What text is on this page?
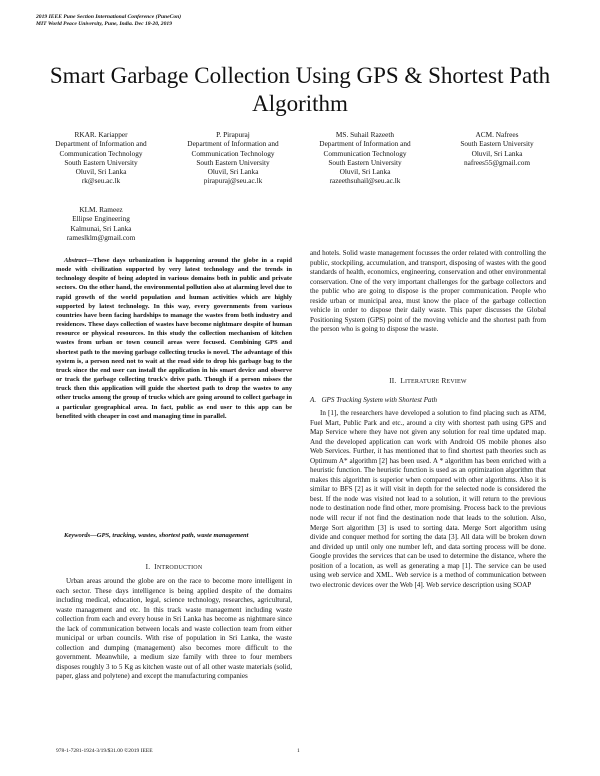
2019 IEEE Pune Section International Conference (PuneCon)
MIT World Peace University, Pune, India. Dec 18-20, 2019
Smart Garbage Collection Using GPS & Shortest Path Algorithm
RKAR. Kariapper
Department of Information and
Communication Technology
South Eastern University
Oluvil, Sri Lanka
rk@seu.ac.lk
P. Pirapuraj
Department of Information and
Communication Technology
South Eastern University
Oluvil, Sri Lanka
pirapuraj@seu.ac.lk
MS. Suhail Razeeth
Department of Information and
Communication Technology
South Eastern University
Oluvil, Sri Lanka
razeethsuhail@seu.ac.lk
ACM. Nafrees
South Eastern University
Oluvil, Sri Lanka
nafrees55@gmail.com
KLM. Rameez
Ellipse Engineering
Kalmunai, Sri Lanka
rameslklm@gmail.com
Abstract—These days urbanization is happening around the globe in a rapid mode with civilization supported by very latest technology and the trends in technology despite of being adopted in various domains both in public and private sectors. On the other hand, the environmental pollution also at alarming level due to rapid growth of the world population and human activities which are highly supported by latest technology. In this way, every governments from various countries have been facing hardships to manage the wastes from both industry and residences. These days collection of wastes have become nightmare despite of human resource or physical resources. In this study the collection mechanism of kitchen wastes from urban or town council areas were focused. Combining GPS and shortest path to the moving garbage collecting trucks is novel. The advantage of this system is, a person need not to wait at the road side to drop his garbage bag to the truck since the end user can install the application in his smart device and observe or track the garbage collecting truck's drive path. Though if a person misses the truck then this application will guide the shortest path to drop the wastes to any other trucks among the group of trucks which are going around to collect garbage in a particular geographical area. In fact, public as end user to this app can be benefited with cheaper in cost and managing time in parallel.
Keywords—GPS, tracking, wastes, shortest path, waste management
I. INTRODUCTION
Urban areas around the globe are on the race to become more intelligent in each sector. These days intelligence is being applied despite of the domains including medical, education, legal, science technology, researches, agricultural, waste management and etc. In this track waste management including waste collection from each and every house in Sri Lanka has become as nightmare since the lack of communication between locals and waste collection team from either municipal or urban councils. With rise of population in Sri Lanka, the waste collection and dumping (management) also becomes more difficult to the government. Meanwhile, a medium size family with three to four members disposes roughly 3 to 5 Kg as kitchen waste out of all other waste materials (solid, paper, glass and polytene) and except the manufacturing companies
and hotels. Solid waste management focusses the order related with controlling the public, stockpiling, accumulation, and transport, disposing of wastes with the good standards of health, economics, engineering, conservation and other environmental conservation. One of the very important challenges for the garbage collectors and the public who are going to dispose is the proper communication. People who reside urban or municipal area, must know the place of the garbage collection vehicle in order to dispose their daily waste. This paper discusses the Global Positioning System (GPS) point of the moving vehicle and the shortest path from the person who is going to dispose the waste.
II. LITERATURE REVIEW
A. GPS Tracking System with Shortest Path
In [1], the researchers have developed a solution to find placing such as ATM, Fuel Mart, Public Park and etc., around a city with shortest path using GPS and Map Service where they have not given any solution for real time updated map. And the developed application can work with Android OS mobile phones also Web Services. Further, it has mentioned that to find shortest path theories such as Optimum A* algorithm [2] has been used. A * algorithm has been enriched with a heuristic function. The heuristic function is used as an optimization algorithm that makes this algorithm is superior when compared with other algorithms. Also it is similar to BFS [2] as it will visit in depth for the selected node is considered the best. If the node was visited not lead to a solution, it will return to the previous node to destination node find other, more promising. Process back to the previous node will recur if not find the destination node that leads to the solution. Also, Merge Sort algorithm [3] is used to sorting data. Merge Sort algorithm using divide and conquer method for sorting the data [3]. All data will be broken down and divided up until only one number left, and data sorting process will be done. Google provides the services that can be used to determine the distance, where the position of a location, as well as generating a map [1]. The service can be used using web service and XML. Web service is a method of communication between two electronic devices over the Web [4]. Web service description using SOAP
978-1-7281-1924-3/19/$31.00 ©2019 IEEE	1
